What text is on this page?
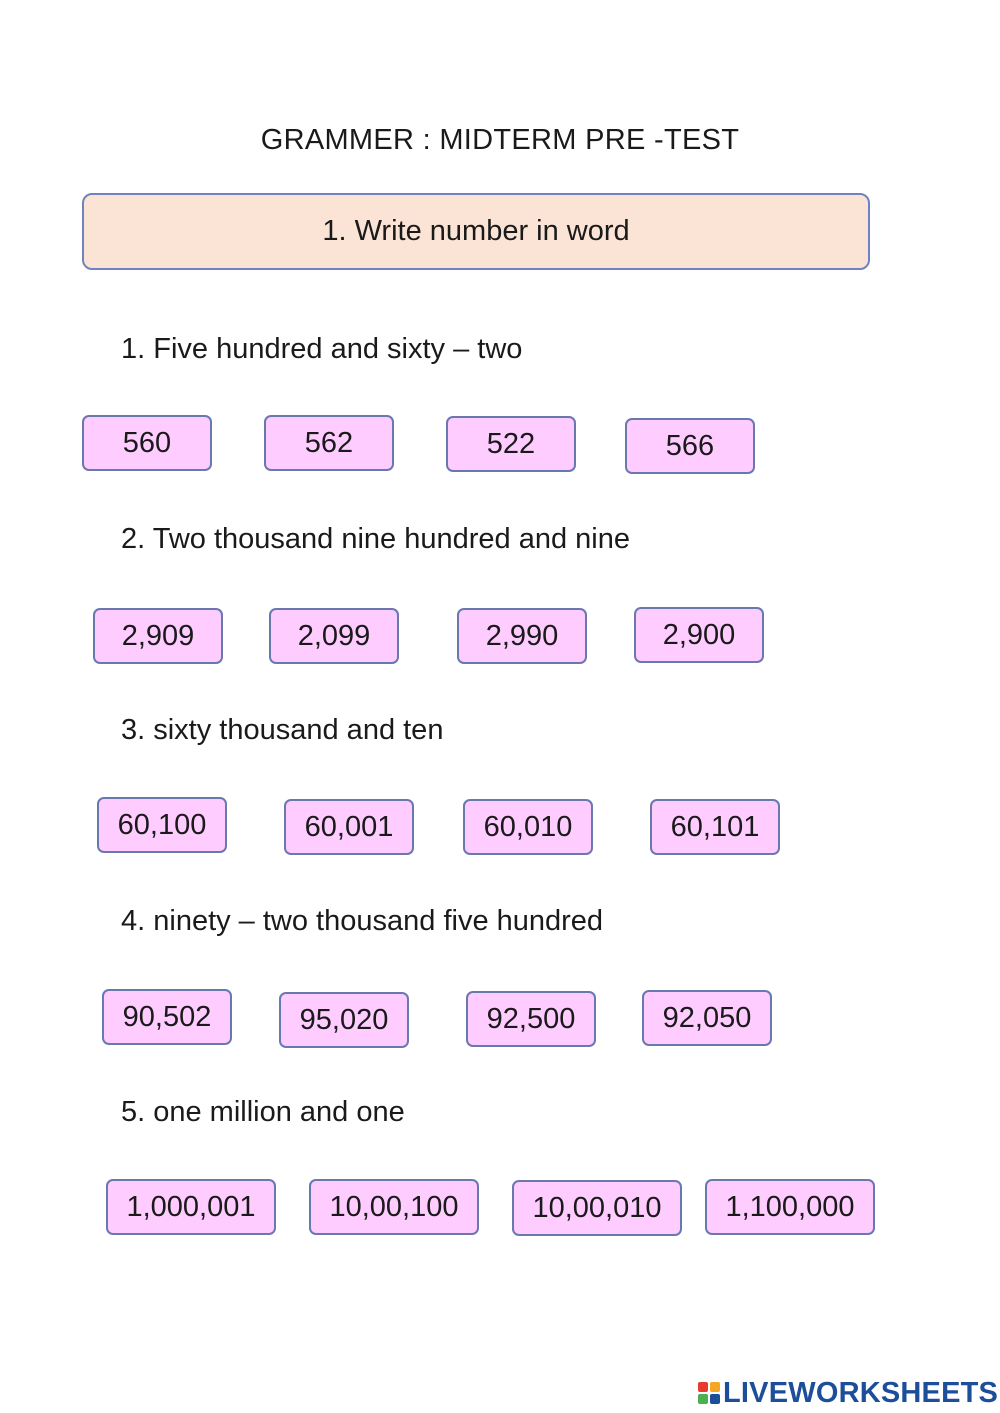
GRAMMER : MIDTERM PRE -TEST
1. Write number in word
1. Five hundred and sixty – two
560	562	522	566
2. Two thousand nine hundred and nine
2,909	2,099	2,990	2,900
3. sixty thousand and ten
60,100	60,001	60,010	60,101
4. ninety – two thousand five hundred
90,502	95,020	92,500	92,050
5. one million and one
1,000,001	10,00,100	10,00,010	1,100,000
LIVEWORKSHEETS
